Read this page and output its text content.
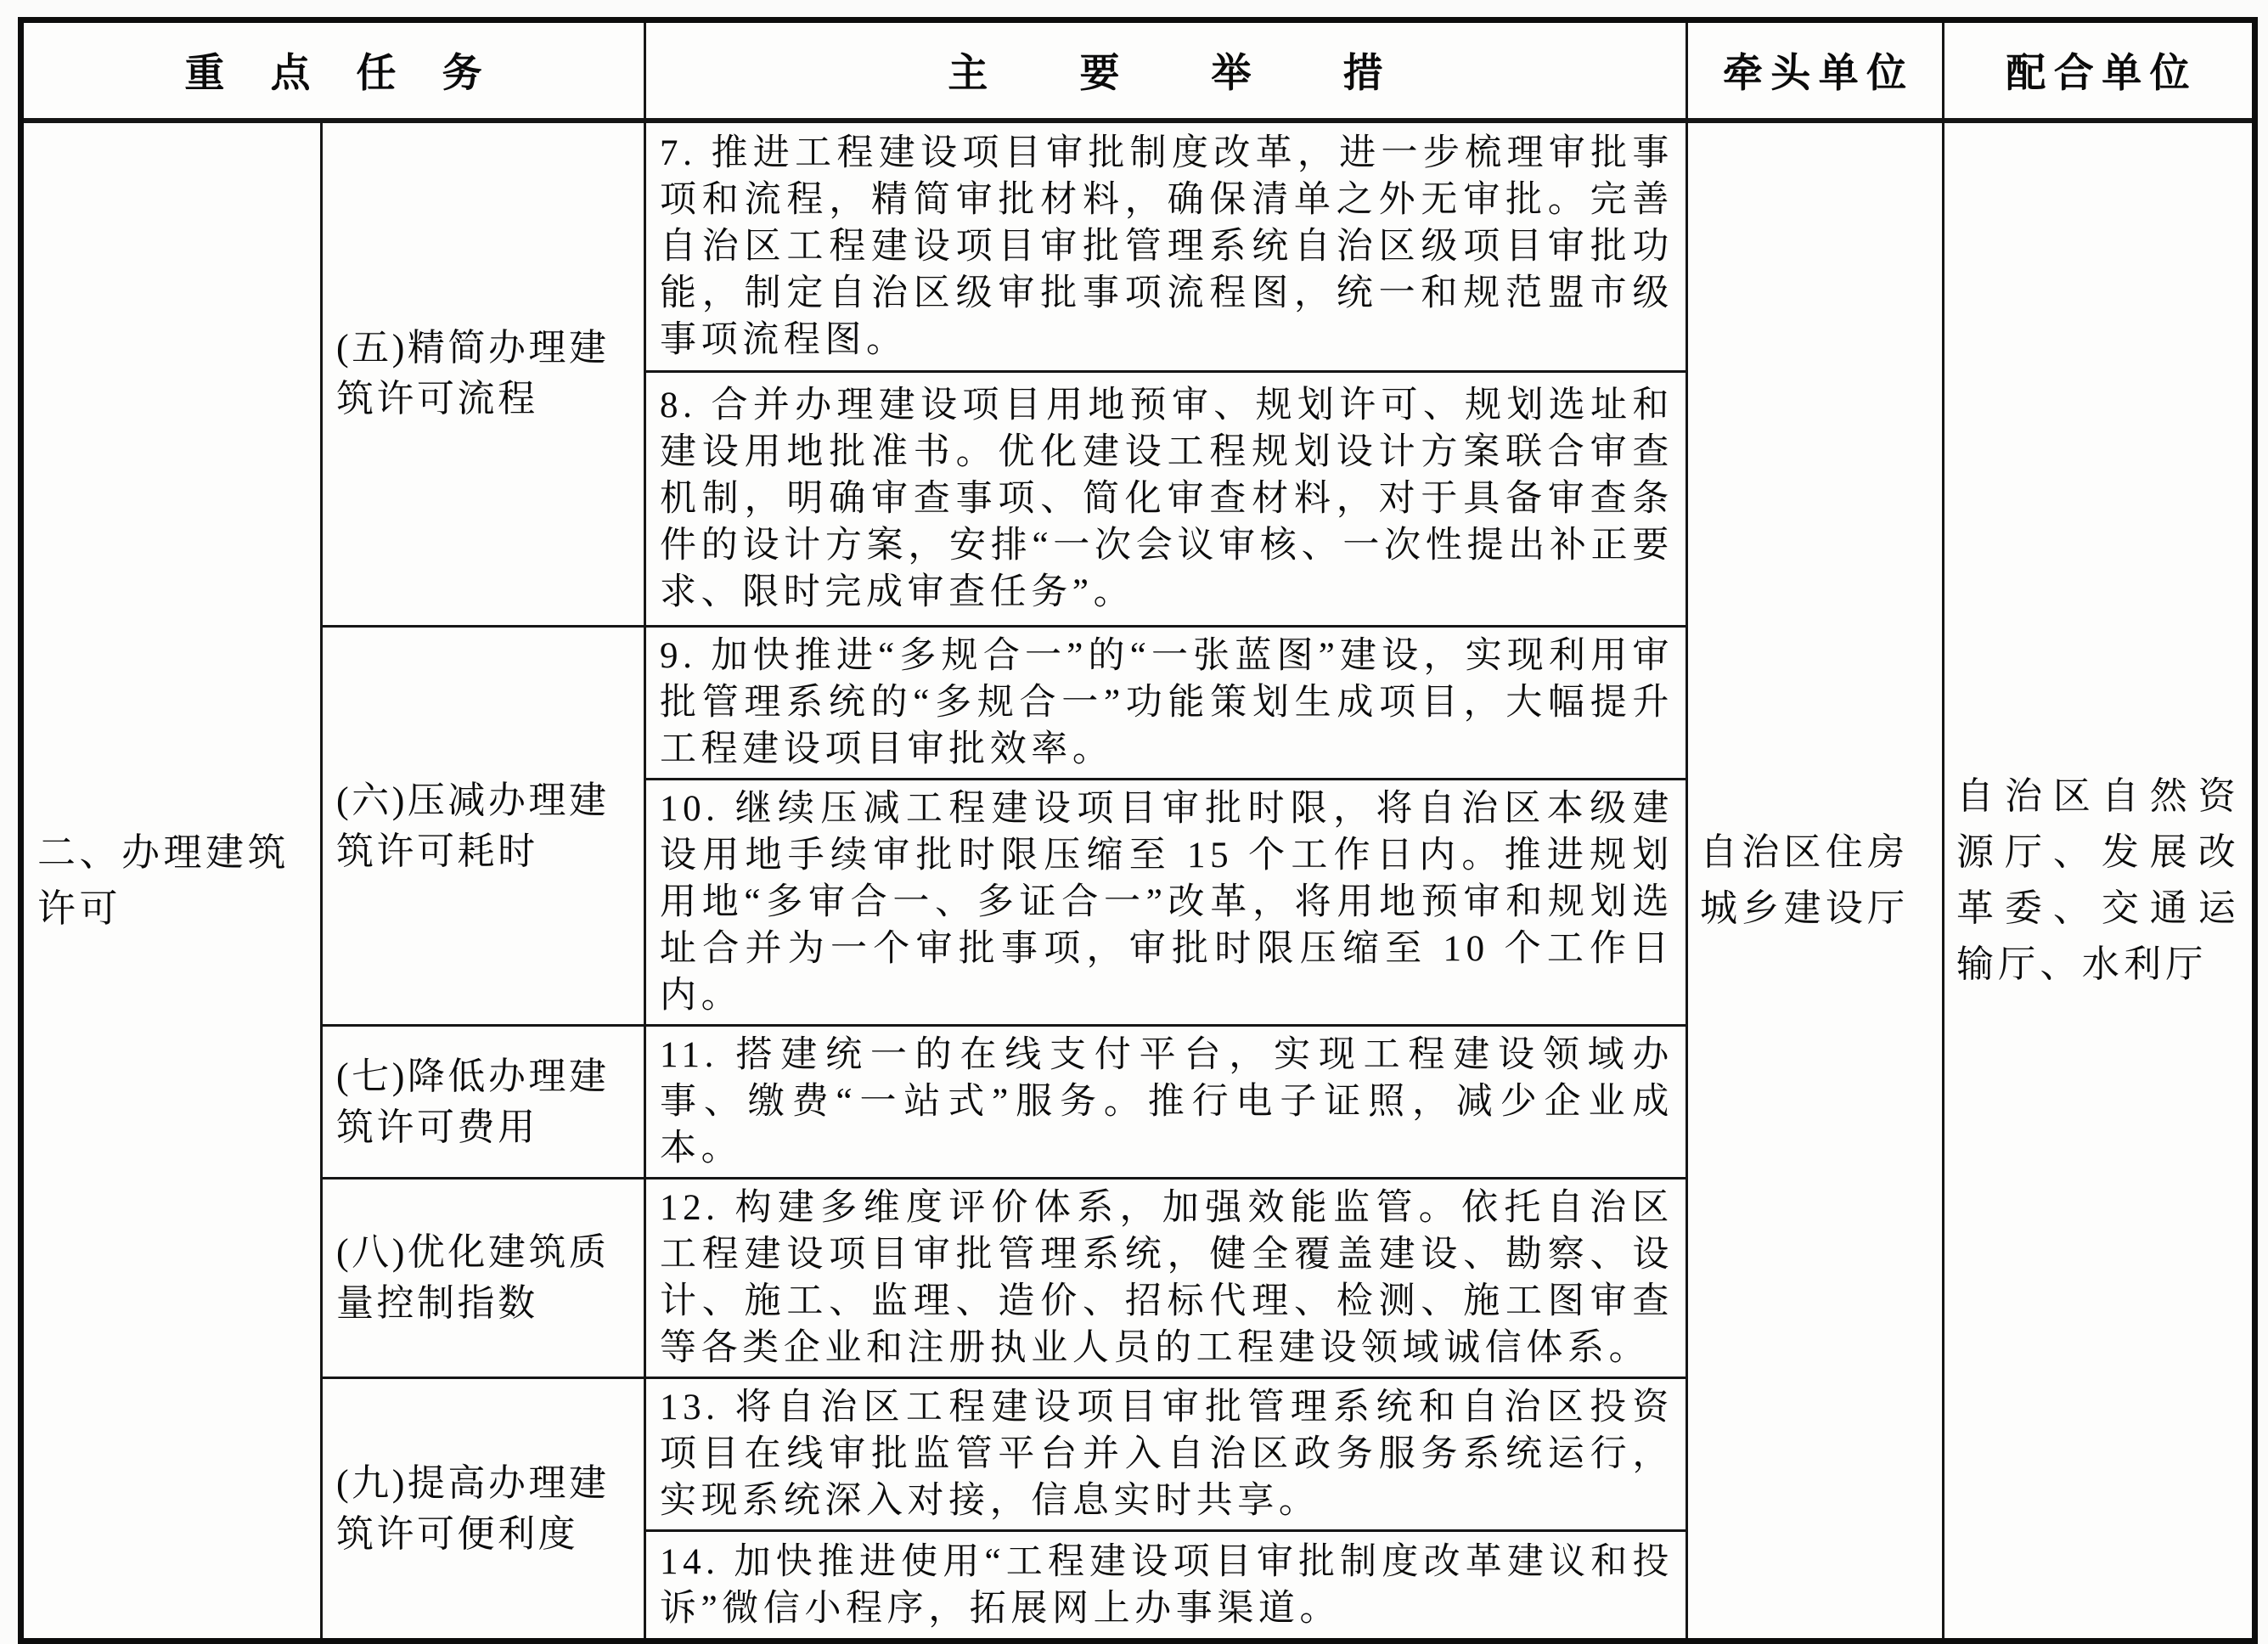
重点任务		主要举措	牵头单位	配合单位
二、办理建筑许可	(五)精简办理建筑许可流程	7. 推进工程建设项目审批制度改革，进一步梳理审批事项和流程，精简审批材料，确保清单之外无审批。完善自治区工程建设项目审批管理系统自治区级项目审批功能，制定自治区级审批事项流程图，统一和规范盟市级事项流程图。	自治区住房城乡建设厅	自治区自然资源厅、发展改革委、交通运输厅、水利厅
		8. 合并办理建设项目用地预审、规划许可、规划选址和建设用地批准书。优化建设工程规划设计方案联合审查机制，明确审查事项、简化审查材料，对于具备审查条件的设计方案，安排“一次会议审核、一次性提出补正要求、限时完成审查任务”。		
	(六)压减办理建筑许可耗时	9. 加快推进“多规合一”的“一张蓝图”建设，实现利用审批管理系统的“多规合一”功能策划生成项目，大幅提升工程建设项目审批效率。		
		10. 继续压减工程建设项目审批时限，将自治区本级建设用地手续审批时限压缩至 15 个工作日内。推进规划用地“多审合一、多证合一”改革，将用地预审和规划选址合并为一个审批事项，审批时限压缩至 10 个工作日内。		
	(七)降低办理建筑许可费用	11. 搭建统一的在线支付平台，实现工程建设领域办事、缴费“一站式”服务。推行电子证照，减少企业成本。		
	(八)优化建筑质量控制指数	12. 构建多维度评价体系，加强效能监管。依托自治区工程建设项目审批管理系统，健全覆盖建设、勘察、设计、施工、监理、造价、招标代理、检测、施工图审查等各类企业和注册执业人员的工程建设领域诚信体系。		
	(九)提高办理建筑许可便利度	13. 将自治区工程建设项目审批管理系统和自治区投资项目在线审批监管平台并入自治区政务服务系统运行，实现系统深入对接，信息实时共享。		
		14. 加快推进使用“工程建设项目审批制度改革建议和投诉”微信小程序，拓展网上办事渠道。		
